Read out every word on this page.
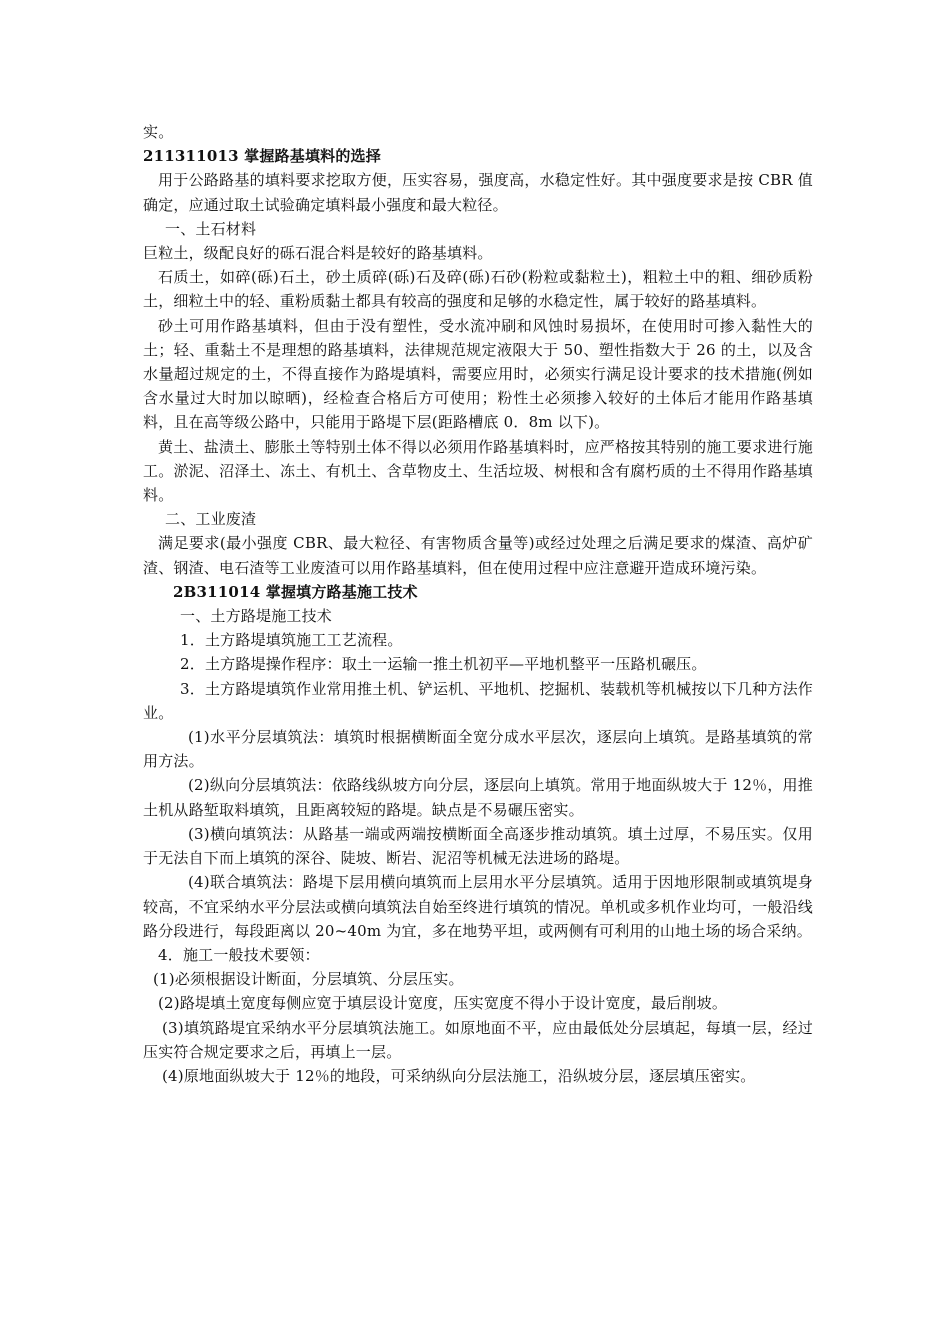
实。

211311013 掌握路基填料的选择

用于公路路基的填料要求挖取方便，压实容易，强度高，水稳定性好。其中强度要求是按 CBR 值确定，应通过取土试验确定填料最小强度和最大粒径。

一、土石材料

巨粒土，级配良好的砾石混合料是较好的路基填料。

石质土，如碎(砾)石土，砂土质碎(砾)石及碎(砾)石砂(粉粒或黏粒土)，粗粒土中的粗、细砂质粉土，细粒土中的轻、重粉质黏土都具有较高的强度和足够的水稳定性，属于较好的路基填料。

砂土可用作路基填料，但由于没有塑性，受水流冲刷和风蚀时易损坏，在使用时可掺入黏性大的土；轻、重黏土不是理想的路基填料，法律规范规定液限大于 50、塑性指数大于 26 的土，以及含水量超过规定的土，不得直接作为路堤填料，需要应用时，必须实行满足设计要求的技术措施(例如含水量过大时加以晾晒)，经检查合格后方可使用；粉性土必须掺入较好的土体后才能用作路基填料，且在高等级公路中，只能用于路堤下层(距路槽底 0．8m 以下)。

黄土、盐渍土、膨胀土等特别土体不得以必须用作路基填料时，应严格按其特别的施工要求进行施工。淤泥、沼泽土、冻土、有机土、含草物皮土、生活垃圾、树根和含有腐朽质的土不得用作路基填料。

二、工业废渣

满足要求(最小强度 CBR、最大粒径、有害物质含量等)或经过处理之后满足要求的煤渣、高炉矿渣、钢渣、电石渣等工业废渣可以用作路基填料，但在使用过程中应注意避开造成环境污染。

2B311014 掌握填方路基施工技术

一、土方路堤施工技术

1．土方路堤填筑施工工艺流程。

2．土方路堤操作程序：取土一运输一推土机初平—平地机整平一压路机碾压。

3．土方路堤填筑作业常用推土机、铲运机、平地机、挖掘机、装载机等机械按以下几种方法作业。

(1)水平分层填筑法：填筑时根据横断面全宽分成水平层次，逐层向上填筑。是路基填筑的常用方法。

(2)纵向分层填筑法：依路线纵坡方向分层，逐层向上填筑。常用于地面纵坡大于 12％，用推土机从路堑取料填筑，且距离较短的路堤。缺点是不易碾压密实。

(3)横向填筑法：从路基一端或两端按横断面全高逐步推动填筑。填土过厚，不易压实。仅用于无法自下而上填筑的深谷、陡坡、断岩、泥沼等机械无法进场的路堤。

(4)联合填筑法：路堤下层用横向填筑而上层用水平分层填筑。适用于因地形限制或填筑堤身较高，不宜采纳水平分层法或横向填筑法自始至终进行填筑的情况。单机或多机作业均可，一般沿线路分段进行，每段距离以 20~40m 为宜，多在地势平坦，或两侧有可利用的山地土场的场合采纳。

4．施工一般技术要领：

(1)必须根据设计断面，分层填筑、分层压实。

(2)路堤填土宽度每侧应宽于填层设计宽度，压实宽度不得小于设计宽度，最后削坡。

(3)填筑路堤宜采纳水平分层填筑法施工。如原地面不平，应由最低处分层填起，每填一层，经过压实符合规定要求之后，再填上一层。

(4)原地面纵坡大于 12％的地段，可采纳纵向分层法施工，沿纵坡分层，逐层填压密实。
